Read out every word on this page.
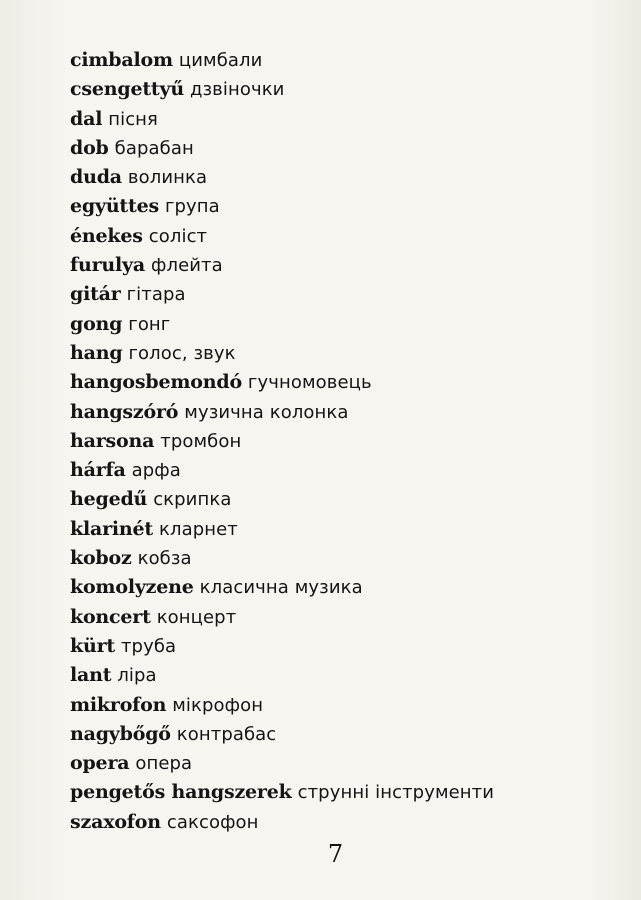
cimbalom цимбали
csengettyű дзвіночки
dal пісня
dob барабан
duda волинка
együttes група
énekes соліст
furulya флейта
gitár гітара
gong гонг
hang голос, звук
hangosbemondó гучномовець
hangszóró музична колонка
harsona тромбон
hárfa арфа
hegedű скрипка
klarinét кларнет
koboz кобза
komolyzene класична музика
koncert концерт
kürt труба
lant ліра
mikrofon мікрофон
nagybőgő контрабас
opera опера
pengetős hangszerek струнні інструменти
szaxofon саксофон
7
